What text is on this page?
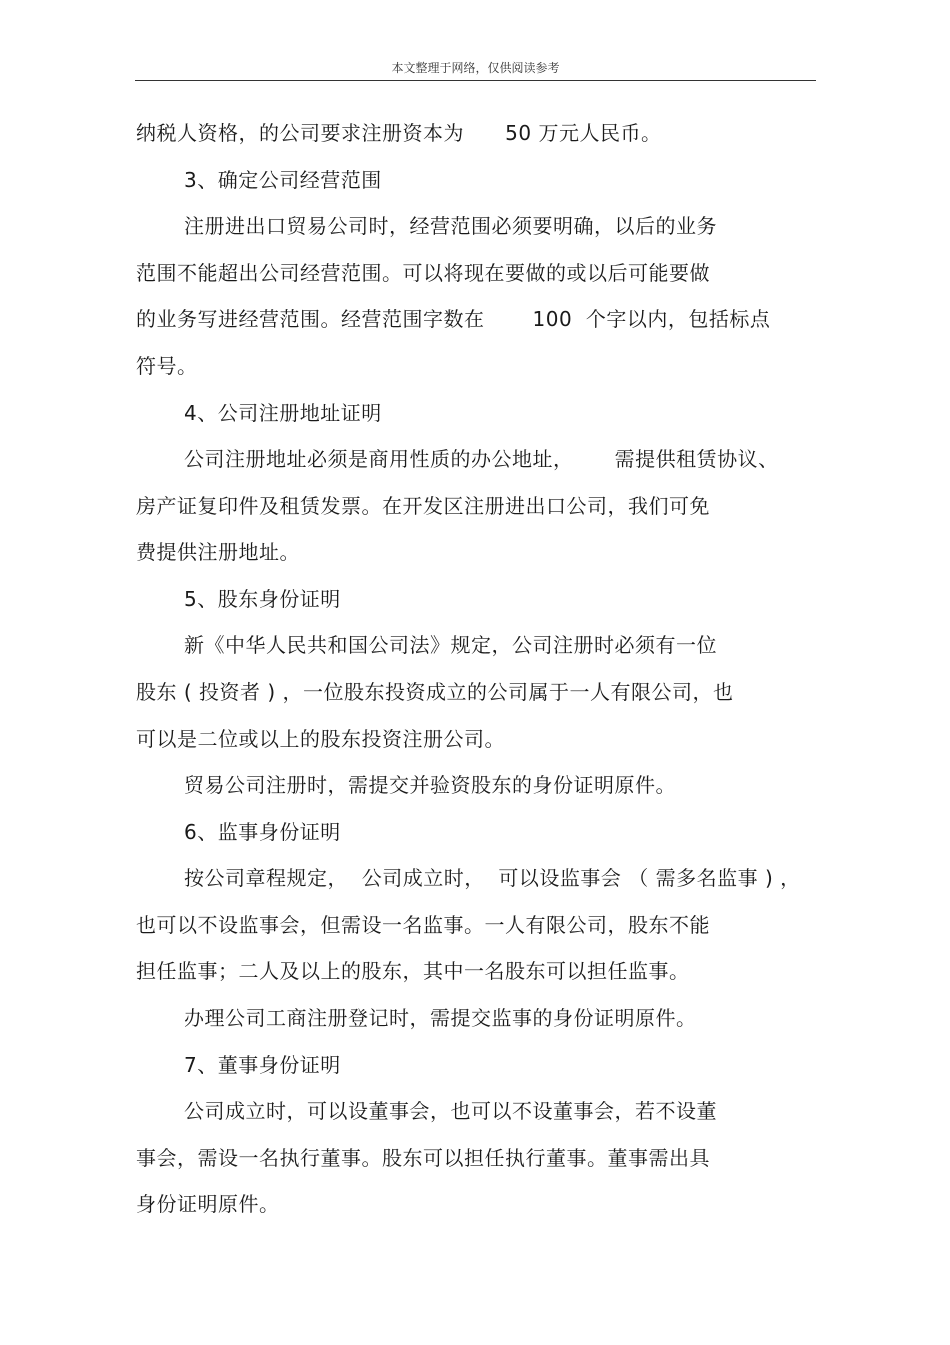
本文整理于网络，仅供阅读参考
纳税人资格，的公司要求注册资本为      50 万元人民币。
3、确定公司经营范围
注册进出口贸易公司时，经营范围必须要明确，以后的业务
范围不能超出公司经营范围。可以将现在要做的或以后可能要做
的业务写进经营范围。经营范围字数在       100  个字以内，包括标点
符号。
4、公司注册地址证明
公司注册地址必须是商用性质的办公地址，      需提供租赁协议、
房产证复印件及租赁发票。在开发区注册进出口公司，我们可免
费提供注册地址。
5、股东身份证明
新《中华人民共和国公司法》规定，公司注册时必须有一位
股东 ( 投资者 ) ，一位股东投资成立的公司属于一人有限公司，也
可以是二位或以上的股东投资注册公司。
贸易公司注册时，需提交并验资股东的身份证明原件。
6、监事身份证明
按公司章程规定，  公司成立时，  可以设监事会 （ 需多名监事 ) ，
也可以不设监事会，但需设一名监事。一人有限公司，股东不能
担任监事；二人及以上的股东，其中一名股东可以担任监事。
办理公司工商注册登记时，需提交监事的身份证明原件。
7、董事身份证明
公司成立时，可以设董事会，也可以不设董事会，若不设董
事会，需设一名执行董事。股东可以担任执行董事。董事需出具
身份证明原件。
